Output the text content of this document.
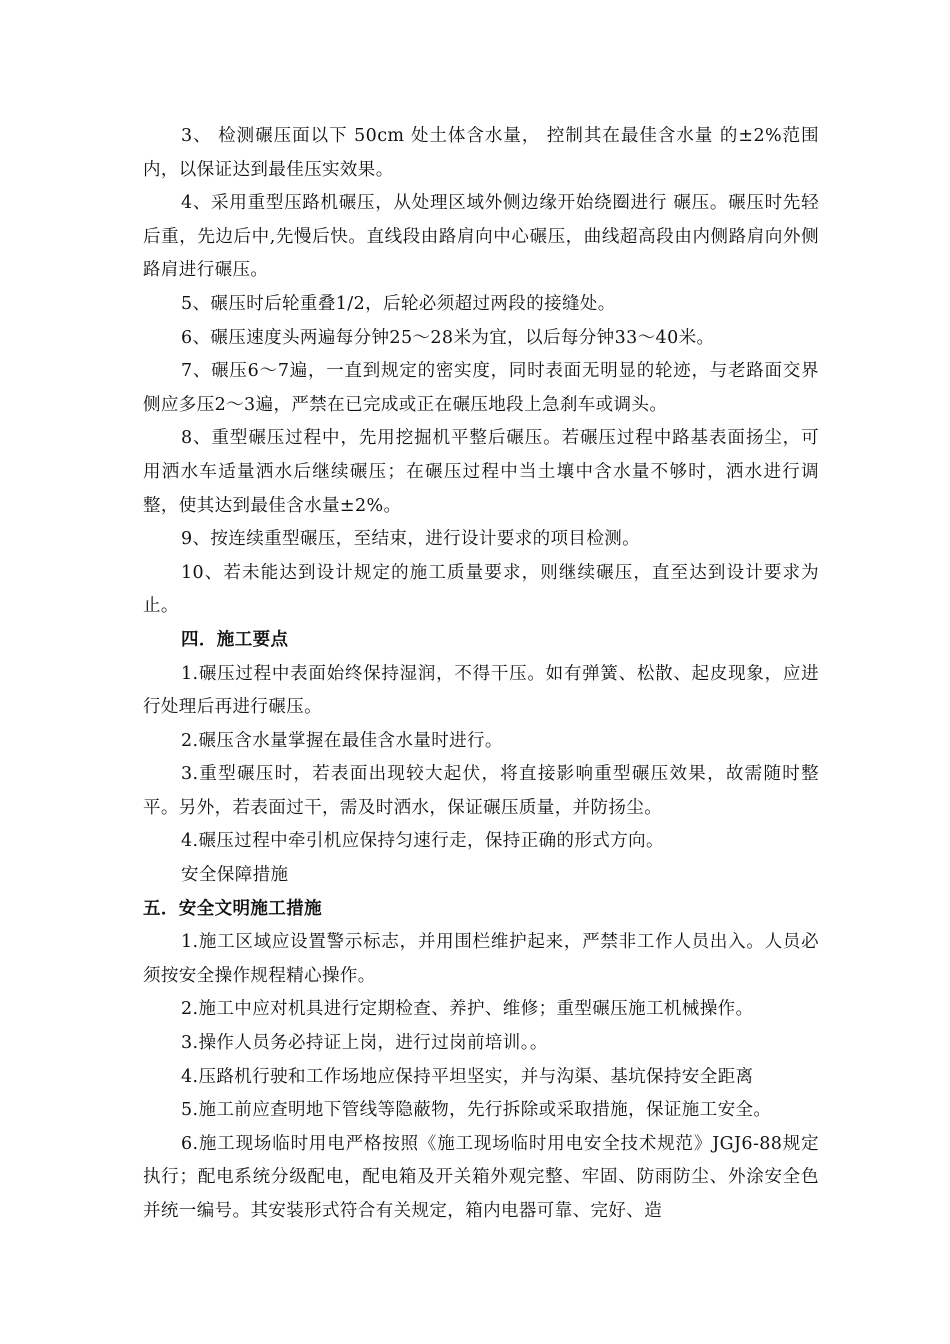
3、 检测碾压面以下 50cm 处土体含水量， 控制其在最佳含水量 的±2%范围内，以保证达到最佳压实效果。

4、采用重型压路机碾压，从处理区域外侧边缘开始绕圈进行 碾压。碾压时先轻后重，先边后中,先慢后快。直线段由路肩向中心碾压，曲线超高段由内侧路肩向外侧路肩进行碾压。

5、碾压时后轮重叠1/2，后轮必须超过两段的接缝处。

6、碾压速度头两遍每分钟25～28米为宜，以后每分钟33～40米。

7、碾压6～7遍，一直到规定的密实度，同时表面无明显的轮迹，与老路面交界侧应多压2～3遍，严禁在已完成或正在碾压地段上急刹车或调头。

8、重型碾压过程中，先用挖掘机平整后碾压。若碾压过程中路基表面扬尘，可用洒水车适量洒水后继续碾压；在碾压过程中当土壤中含水量不够时，洒水进行调整，使其达到最佳含水量±2%。

9、按连续重型碾压，至结束，进行设计要求的项目检测。

10、若未能达到设计规定的施工质量要求，则继续碾压，直至达到设计要求为止。

四．施工要点

1.碾压过程中表面始终保持湿润，不得干压。如有弹簧、松散、起皮现象，应进行处理后再进行碾压。

2.碾压含水量掌握在最佳含水量时进行。

3.重型碾压时，若表面出现较大起伏，将直接影响重型碾压效果，故需随时整平。另外，若表面过干，需及时洒水，保证碾压质量，并防扬尘。

4.碾压过程中牵引机应保持匀速行走，保持正确的形式方向。

安全保障措施

五．安全文明施工措施

1.施工区域应设置警示标志，并用围栏维护起来，严禁非工作人员出入。人员必须按安全操作规程精心操作。

2.施工中应对机具进行定期检查、养护、维修；重型碾压施工机械操作。

3.操作人员务必持证上岗，进行过岗前培训。。

4.压路机行驶和工作场地应保持平坦坚实，并与沟渠、基坑保持安全距离

5.施工前应查明地下管线等隐蔽物，先行拆除或采取措施，保证施工安全。

6.施工现场临时用电严格按照《施工现场临时用电安全技术规范》JGJ6-88规定执行；配电系统分级配电，配电箱及开关箱外观完整、牢固、防雨防尘、外涂安全色并统一编号。其安装形式符合有关规定，箱内电器可靠、完好、造
